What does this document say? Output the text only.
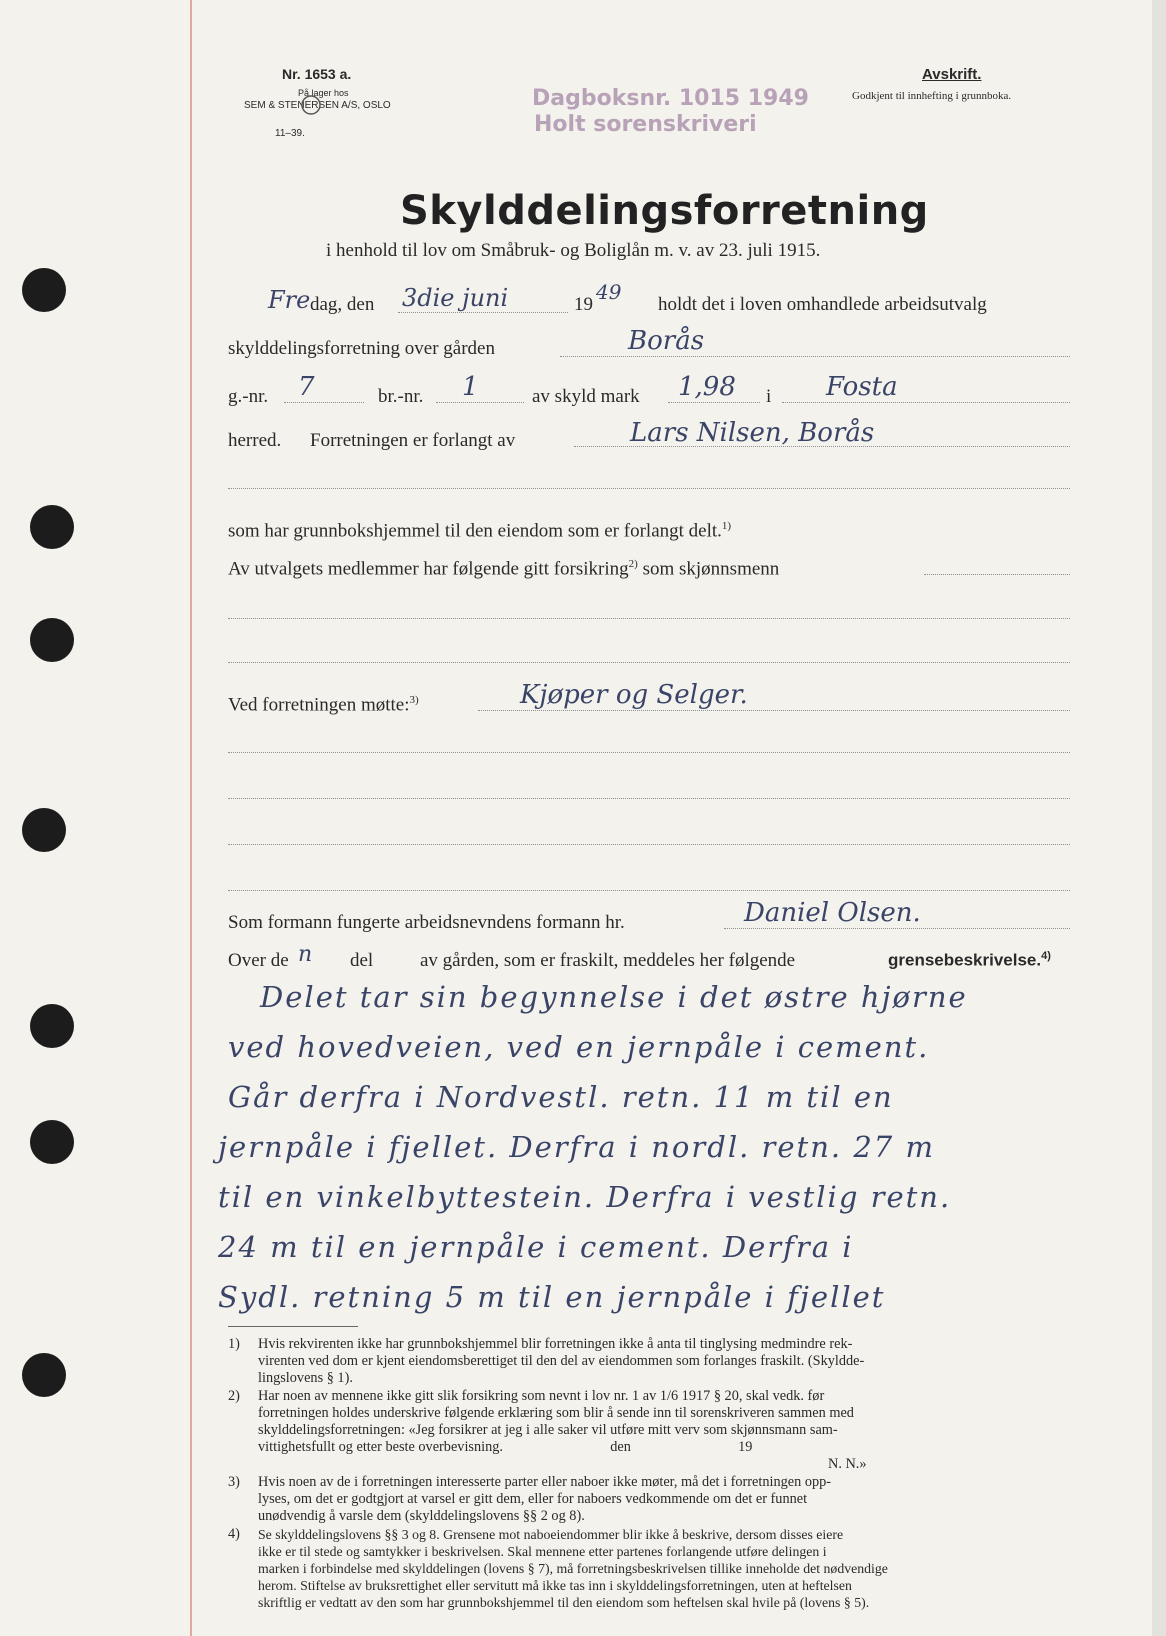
Nr. 1653 a.
På lager hos
SEM & STENERSEN A/S, OSLO
11–39.
Dagboksnr. 1015 1949
Holt sorenskriveri
Avskrift.
Godkjent til innhefting i grunnboka.
Skylddelingsforretning
i henhold til lov om Småbruk- og Boliglån m. v. av 23. juli 1915.
Fre dag, den 3die juni	19
49
holdt det i loven omhandlede arbeidsutvalg
skylddelingsforretning over gården	Borås
g.-nr. 7	br.-nr. 1	av skyld mark 1,98 i Fosta
herred. Forretningen er forlangt av	Lars Nilsen, Borås
som har grunnbokshjemmel til den eiendom som er forlangt delt.$^{1)}$
Av utvalgets medlemmer har følgende gitt forsikring$^{2)}$ som skjønnsmenn
Ved forretningen møtte:$^{3)}$	Kjøper og Selger.
Som formann fungerte arbeidsnevndens formann hr.	Daniel Olsen.
Over de n del av gården, som er fraskilt, meddeles her følgende	grensebeskrivelse.$^{4)}$
Delet tar sin begynnelse i det østre hjørne
ved hovedveien, ved en jernpåle i cement.
Går derfra i Nordvestl. retn. 11 m til en
jernpåle i fjellet. Derfra i nordl. retn. 27 m
til en vinkelbyttestein. Derfra i vestlig retn.
24 m til en jernpåle i cement. Derfra i
Sydl. retning 5 m til en jernpåle i fjellet
1) Hvis rekvirenten ikke har grunnbokshjemmel blir forretningen ikke å anta til tinglysing medmindre rek-
virenten ved dom er kjent eiendomsberettiget til den del av eiendommen som forlanges fraskilt. (Skyldde-
lingslovens § 1).
2) Har noen av mennene ikke gitt slik forsikring som nevnt i lov nr. 1 av 1/6 1917 § 20, skal vedk. før
forretningen holdes underskrive følgende erklæring som blir å sende inn til sorenskriveren sammen med
skylddelingsforretningen: «Jeg forsikrer at jeg i alle saker vil utføre mitt verv som skjønnsmann sam-
vittighetsfullt og etter beste overbevisning.                              den                              19
N. N.»
3) Hvis noen av de i forretningen interesserte parter eller naboer ikke møter, må det i forretningen opp-
lyses, om det er godtgjort at varsel er gitt dem, eller for naboers vedkommende om det er funnet
unødvendig å varsle dem (skylddelingslovens §§ 2 og 8).
4) Se skylddelingslovens §§ 3 og 8. Grensene mot naboeiendommer blir ikke å beskrive, dersom disses eiere
ikke er til stede og samtykker i beskrivelsen. Skal mennene etter partenes forlangende utføre delingen i
marken i forbindelse med skylddelingen (lovens § 7), må forretningsbeskrivelsen tillike inneholde det nødvendige
herom. Stiftelse av bruksrettighet eller servitutt må ikke tas inn i skylddelingsforretningen, uten at heftelsen
skriftlig er vedtatt av den som har grunnbokshjemmel til den eiendom som heftelsen skal hvile på (lovens § 5).
